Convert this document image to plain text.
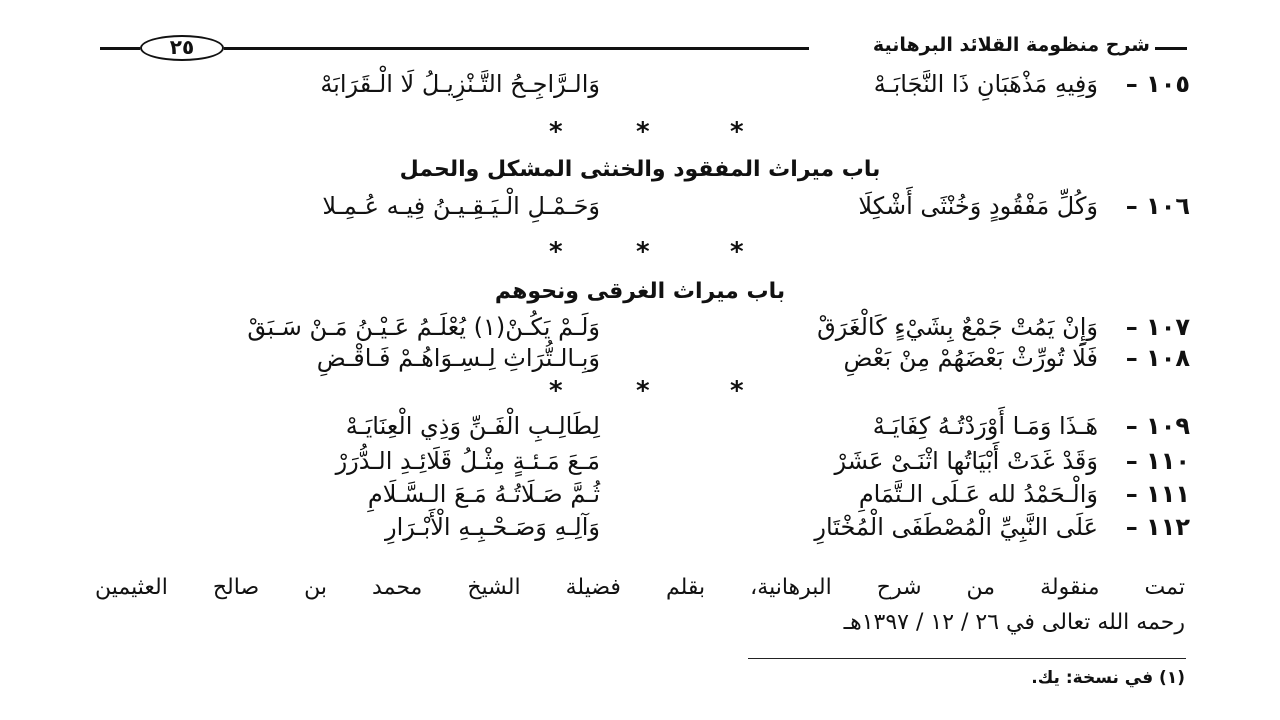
٢٥	شرح منظومة القلائد البرهانية
١٠٥ –
وَفِيهِ مَذْهَبَانِ ذَا النَّجَابَـهْ
وَالـرَّاجِـحُ التَّـنْزِيـلُ لَا الْـقَرَابَهْ
*	*	*
باب ميراث المفقود والخنثى المشكل والحمل
١٠٦ –
وَكُلِّ مَفْقُودٍ وَخُنْثَى أَشْكِلَا
وَحَـمْـلِ الْـيَـقِـيـنُ فِيـه عُـمِـلا
*	*	*
باب ميراث الغرقى ونحوهم
١٠٧ –
وَإِنْ يَمُتْ جَمْعٌ بِشَيْءٍ كَالْغَرَقْ
وَلَـمْ يَكُـنْ(١) يُعْلَـمُ عَـيْـنُ مَـنْ سَـبَقْ
١٠٨ –
فَلَا تُورِّثْ بَعْضَهُمْ مِنْ بَعْضِ
وَبِـالـتُّرَاثِ لِـسِـوَاهُـمْ فَـاقْـضِ
*	*	*
١٠٩ –
هَـذَا وَمَـا أَوْرَدْتُـهُ كِفَايَـهْ
لِطَالِـبِ الْفَـنِّ وَذِي الْعِنَايَـهْ
١١٠ –
وَقَدْ غَدَتْ أَبْيَاتُها اثْنَـىْ عَشَرْ
مَـعَ مَـئـةٍ مِثْـلُ قَلَائِـدِ الـدُّرَرْ
١١١ –
وَالْـحَمْدُ لله عَـلَى الـتَّمَامِ
ثُـمَّ صَـلَاتُـهُ مَـعَ الـسَّـلَامِ
١١٢ –
عَلَى النَّبِيِّ الْمُصْطَفَى الْمُخْتَارِ
وَآلِـهِ وَصَـحْـبِـهِ الْأَبْـرَارِ
تمت منقولة من شرح البرهانية، بقلم فضيلة الشيخ محمد بن صالح العثيمين
رحمه الله تعالى في ٢٦ / ١٢ / ١٣٩٧هـ
(١) في نسخة: يك.
